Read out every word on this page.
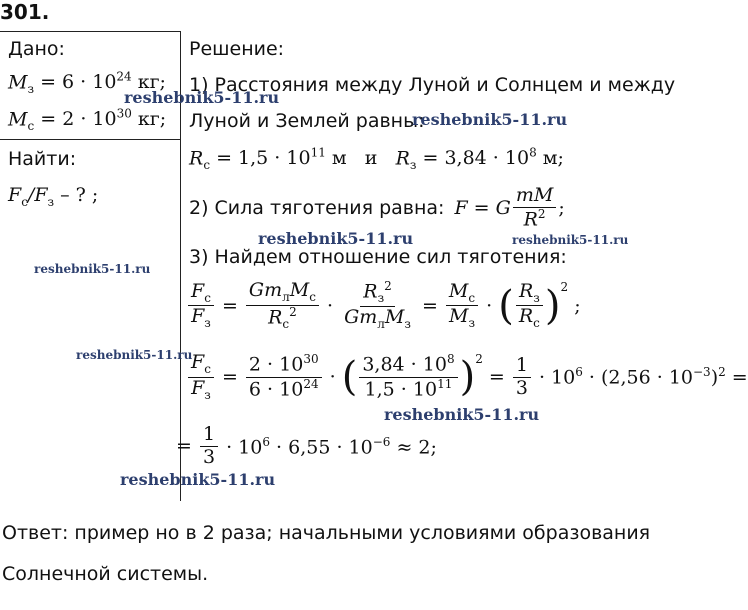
301.
Дано:
$M_з = 6 \cdot 10^{24}$ кг;
$M_с = 2 \cdot 10^{30}$ кг;
Найти:
$F_с/F_з$ – ? ;
Решение:
1) Расстояния между Луной и Солнцем и между
Луной и Землей равны:
$R_с = 1,5 \cdot 10^{11}$ м   и   $R_з = 3,84 \cdot 10^8$ м;
2) Сила тяготения равна: F = G $\frac{mM}{R^2}$ ;
3) Найдем отношение сил тяготения:
$\frac{F_с}{F_з} = \frac{Gm_лM_с}{R_с^2} \cdot \frac{R_з^2}{Gm_лM_з} = \frac{M_с}{M_з}$ · ( $\frac{R_з}{R_с} )^2$
;
$\frac{F_с}{F_з} = \frac{2 \cdot 10^{30}}{6 \cdot 10^{24}}$ · ( $\frac{3,84 \cdot 10^8}{1,5 \cdot 10^{11}} )^2$
= $\frac{1}{3} \cdot 10^6 \cdot (2,56 \cdot 10^{-3})^2$ =
= $\frac{1}{3} \cdot 10^6 \cdot 6,55 \cdot 10^{-6} \approx 2$;
Ответ: пример но в 2 раза; начальными условиями образования
Солнечной системы.
reshebnik5-11.ru
reshebnik5-11.ru
reshebnik5-11.ru	reshebnik5-11.ru
reshebnik5-11.ru
reshebnik5-11.ru
reshebnik5-11.ru
reshebnik5-11.ru
